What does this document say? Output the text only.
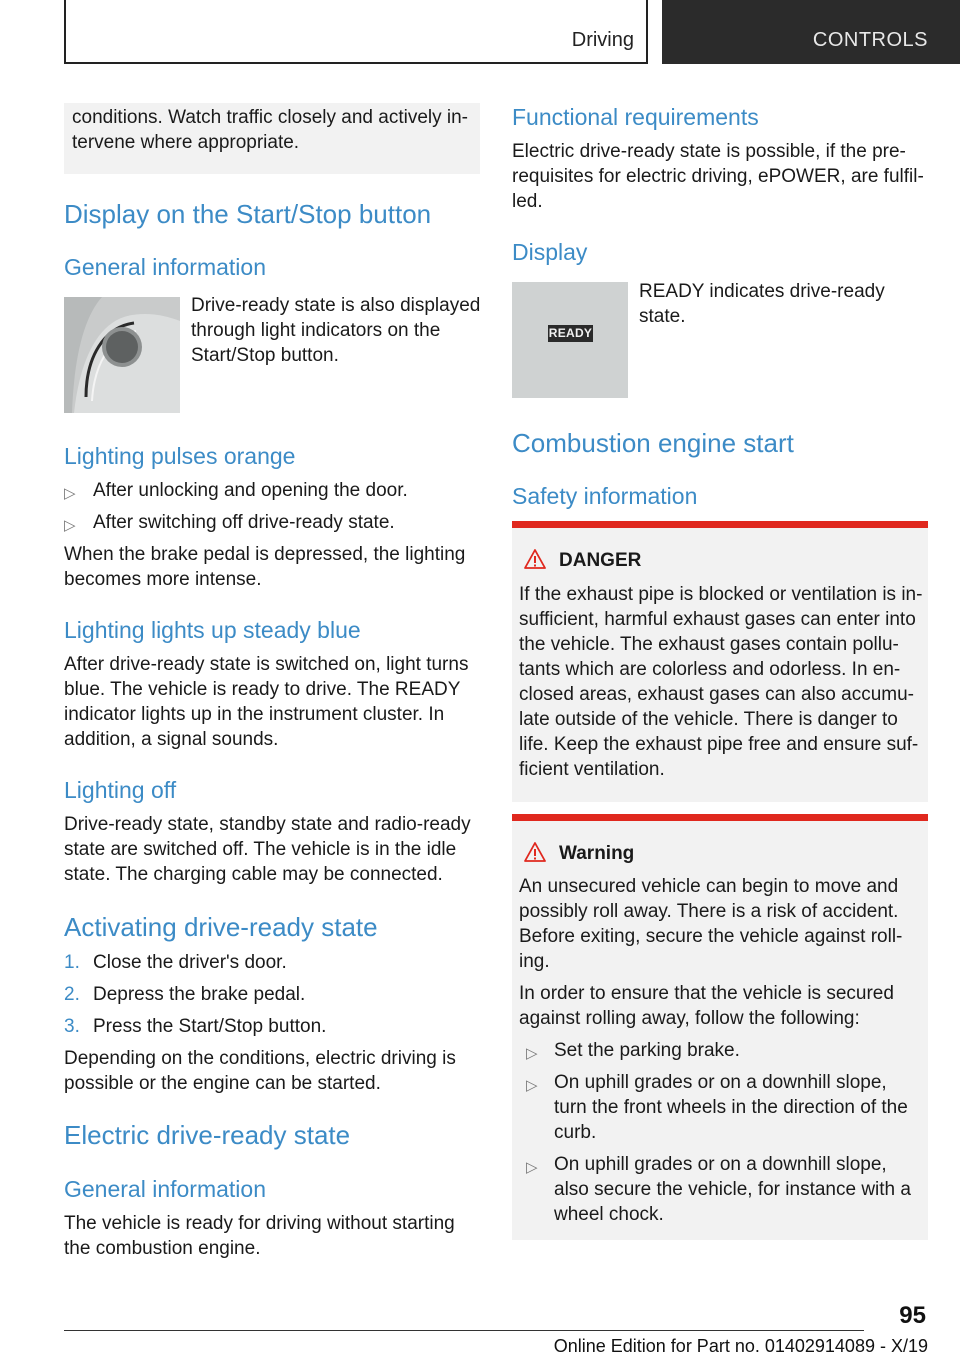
Driving	CONTROLS

conditions. Watch traffic closely and actively in-

tervene where appropriate.

Display on the Start/Stop button
General information

Drive-ready state is also displayed

through light indicators on the

Start/Stop button.

Lighting pulses orange
▷ After unlocking and opening the door.
▷ After switching off drive-ready state.

When the brake pedal is depressed, the lighting

becomes more intense.

Lighting lights up steady blue

After drive-ready state is switched on, light turns

blue. The vehicle is ready to drive. The READY

indicator lights up in the instrument cluster. In

addition, a signal sounds.

Lighting off

Drive-ready state, standby state and radio-ready

state are switched off. The vehicle is in the idle

state. The charging cable may be connected.

Activating drive-ready state
1. Close the driver's door.
2. Depress the brake pedal.
3. Press the Start/Stop button.

Depending on the conditions, electric driving is

possible or the engine can be started.

Electric drive-ready state
General information

The vehicle is ready for driving without starting

the combustion engine.

Functional requirements

Electric drive-ready state is possible, if the pre-

requisites for electric driving, ePOWER, are fulfil-

led.

Display
READY

READY indicates drive-ready

state.

Combustion engine start
Safety information
DANGER

If the exhaust pipe is blocked or ventilation is in-

sufficient, harmful exhaust gases can enter into

the vehicle. The exhaust gases contain pollu-

tants which are colorless and odorless. In en-

closed areas, exhaust gases can also accumu-

late outside of the vehicle. There is danger to

life. Keep the exhaust pipe free and ensure suf-

ficient ventilation.

Warning

An unsecured vehicle can begin to move and

possibly roll away. There is a risk of accident.

Before exiting, secure the vehicle against roll-

ing.

In order to ensure that the vehicle is secured

against rolling away, follow the following:

▷ Set the parking brake.
▷ On uphill grades or on a downhill slope,
turn the front wheels in the direction of the
curb.
▷ On uphill grades or on a downhill slope,
also secure the vehicle, for instance with a
wheel chock.
95
Online Edition for Part no. 01402914089 - X/19
